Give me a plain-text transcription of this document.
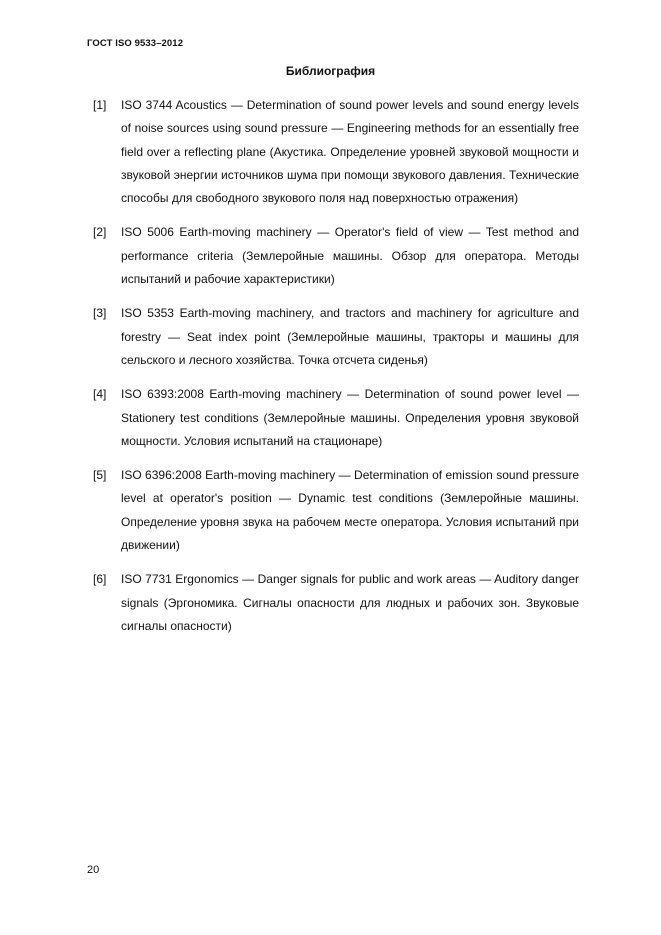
ГОСТ ISO 9533–2012
Библиография
[1]	ISO 3744 Acoustics — Determination of sound power levels and sound energy levels of noise sources using sound pressure — Engineering methods for an essentially free field over a reflecting plane (Акустика. Определение уровней звуковой мощности и звуковой энергии источников шума при помощи звукового давления. Технические способы для свободного звукового поля над поверхностью отражения)
[2]	ISO 5006 Earth-moving machinery — Operator's field of view — Test method and performance criteria (Землеройные машины. Обзор для оператора. Методы испытаний и рабочие характеристики)
[3]	ISO 5353 Earth-moving machinery, and tractors and machinery for agriculture and forestry — Seat index point (Землеройные машины, тракторы и машины для сельского и лесного хозяйства. Точка отсчета сиденья)
[4]	ISO 6393:2008 Earth-moving machinery — Determination of sound power level — Stationery test conditions (Землеройные машины. Определения уровня звуковой мощности. Условия испытаний на стационаре)
[5]	ISO 6396:2008 Earth-moving machinery — Determination of emission sound pressure level at operator's position — Dynamic test conditions (Землеройные машины. Определение уровня звука на рабочем месте оператора. Условия испытаний при движении)
[6]	ISO 7731 Ergonomics — Danger signals for public and work areas — Auditory danger signals (Эргономика. Сигналы опасности для людных и рабочих зон. Звуковые сигналы опасности)
20
